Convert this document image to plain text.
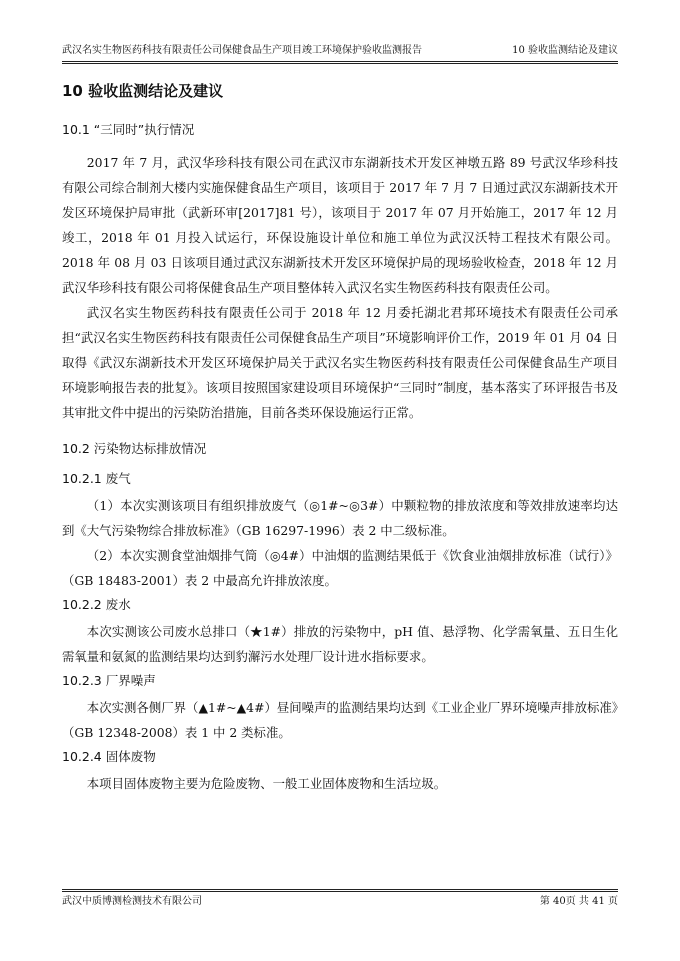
武汉名实生物医药科技有限责任公司保健食品生产项目竣工环境保护验收监测报告	10 验收监测结论及建议
10 验收监测结论及建议
10.1 “三同时”执行情况

2017 年 7 月，武汉华珍科技有限公司在武汉市东湖新技术开发区神墩五路 89 号武汉华珍科技有限公司综合制剂大楼内实施保健食品生产项目，该项目于 2017 年 7 月 7 日通过武汉东湖新技术开发区环境保护局审批（武新环审[2017]81 号），该项目于 2017 年 07 月开始施工，2017 年 12 月竣工，2018 年 01 月投入试运行，环保设施设计单位和施工单位为武汉沃特工程技术有限公司。2018 年 08 月 03 日该项目通过武汉东湖新技术开发区环境保护局的现场验收检查，2018 年 12 月武汉华珍科技有限公司将保健食品生产项目整体转入武汉名实生物医药科技有限责任公司。

武汉名实生物医药科技有限责任公司于 2018 年 12 月委托湖北君邦环境技术有限责任公司承担“武汉名实生物医药科技有限责任公司保健食品生产项目”环境影响评价工作，2019 年 01 月 04 日取得《武汉东湖新技术开发区环境保护局关于武汉名实生物医药科技有限责任公司保健食品生产项目环境影响报告表的批复》。该项目按照国家建设项目环境保护“三同时”制度，基本落实了环评报告书及其审批文件中提出的污染防治措施，目前各类环保设施运行正常。

10.2 污染物达标排放情况
10.2.1 废气

（1）本次实测该项目有组织排放废气（◎1#~◎3#）中颗粒物的排放浓度和等效排放速率均达到《大气污染物综合排放标准》（GB 16297-1996）表 2 中二级标准。

（2）本次实测食堂油烟排气筒（◎4#）中油烟的监测结果低于《饮食业油烟排放标准（试行）》（GB 18483-2001）表 2 中最高允许排放浓度。

10.2.2 废水

本次实测该公司废水总排口（★1#）排放的污染物中，pH 值、悬浮物、化学需氧量、五日生化需氧量和氨氮的监测结果均达到豹澥污水处理厂设计进水指标要求。

10.2.3 厂界噪声

本次实测各侧厂界（▲1#~▲4#）昼间噪声的监测结果均达到《工业企业厂界环境噪声排放标准》（GB 12348-2008）表 1 中 2 类标准。

10.2.4 固体废物

本项目固体废物主要为危险废物、一般工业固体废物和生活垃圾。

武汉中质博测检测技术有限公司	第 40页 共 41 页
